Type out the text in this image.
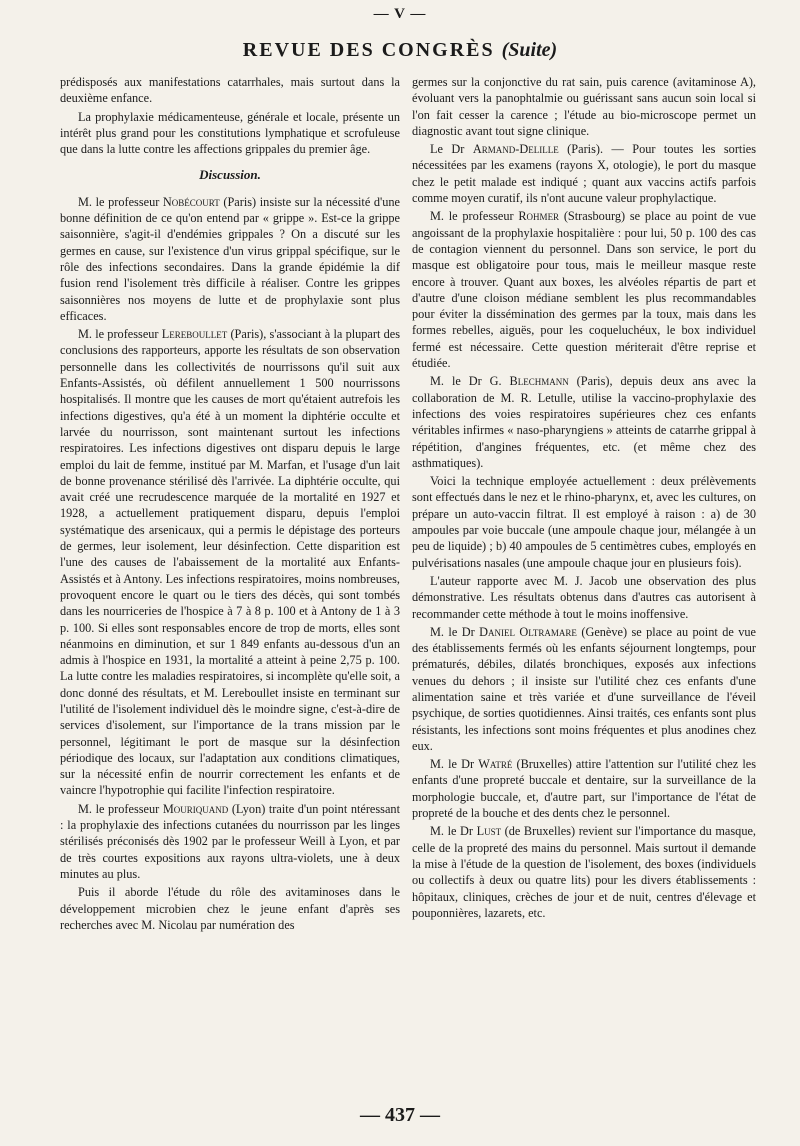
— V —
REVUE DES CONGRÈS (Suite)

prédisposés aux manifestations catarrhales, mais surtout dans la deuxième enfance.

La prophylaxie médicamenteuse, générale et locale, présente un intérêt plus grand pour les constitutions lymphatique et scrofuleuse que dans la lutte contre les affections grippales du premier âge.

Discussion.

M. le professeur Nobécourt (Paris) insiste sur la nécessité d'une bonne définition de ce qu'on entend par « grippe ». Est-ce la grippe saisonnière, s'agit-il d'endémies grippales ? On a discuté sur les germes en cause, sur l'existence d'un virus grippal spécifique, sur le rôle des infections secondaires. Dans la grande épidémie la dif fusion rend l'isolement très difficile à réaliser. Contre les grippes saisonnières nos moyens de lutte et de prophylaxie sont plus efficaces.

M. le professeur Lereboullet (Paris), s'associant à la plupart des conclusions des rapporteurs, apporte les résultats de son observation personnelle dans les collectivités de nourrissons qu'il suit aux Enfants-Assistés, où défilent annuellement 1 500 nourrissons hospitalisés. Il montre que les causes de mort qu'étaient autrefois les infections digestives, qu'a été à un moment la diphtérie occulte et larvée du nourrisson, sont maintenant surtout les infections respiratoires. Les infections digestives ont disparu depuis le large emploi du lait de femme, institué par M. Marfan, et l'usage d'un lait de bonne provenance stérilisé dès l'arrivée. La diphtérie occulte, qui avait créé une recrudescence marquée de la mortalité en 1927 et 1928, a actuellement pratiquement disparu, depuis l'emploi systématique des arsenicaux, qui a permis le dépistage des porteurs de germes, leur isolement, leur désinfection. Cette disparition est l'une des causes de l'abaissement de la mortalité aux Enfants-Assistés et à Antony. Les infections respiratoires, moins nombreuses, provoquent encore le quart ou le tiers des décès, qui sont tombés dans les nourriceries de l'hospice à 7 à 8 p. 100 et à Antony de 1 à 3 p. 100. Si elles sont responsables encore de trop de morts, elles sont néanmoins en diminution, et sur 1 849 enfants au-dessous d'un an admis à l'hospice en 1931, la mortalité a atteint à peine 2,75 p. 100. La lutte contre les maladies respiratoires, si incomplète qu'elle soit, a donc donné des résultats, et M. Lereboullet insiste en terminant sur l'utilité de l'isolement individuel dès le moindre signe, c'est-à-dire de services d'isolement, sur l'importance de la trans mission par le personnel, légitimant le port de masque sur la désinfection périodique des locaux, sur l'adaptation aux conditions climatiques, sur la nécessité enfin de nourrir correctement les enfants et de vaincre l'hypotrophie qui facilite l'infection respiratoire.

M. le professeur Mouriquand (Lyon) traite d'un point ntéressant : la prophylaxie des infections cutanées du nourrisson par les linges stérilisés préconisés dès 1902 par le professeur Weill à Lyon, et par de très courtes expositions aux rayons ultra-violets, une à deux minutes au plus.

Puis il aborde l'étude du rôle des avitaminoses dans le développement microbien chez le jeune enfant d'après ses recherches avec M. Nicolau par numération des

germes sur la conjonctive du rat sain, puis carence (avitaminose A), évoluant vers la panophtalmie ou guérissant sans aucun soin local si l'on fait cesser la carence ; l'étude au bio-microscope permet un diagnostic avant tout signe clinique.

Le Dr Armand-Delille (Paris). — Pour toutes les sorties nécessitées par les examens (rayons X, otologie), le port du masque chez le petit malade est indiqué ; quant aux vaccins actifs parfois comme moyen curatif, ils n'ont aucune valeur prophylactique.

M. le professeur Rohmer (Strasbourg) se place au point de vue angoissant de la prophylaxie hospitalière : pour lui, 50 p. 100 des cas de contagion viennent du personnel. Dans son service, le port du masque est obligatoire pour tous, mais le meilleur masque reste encore à trouver. Quant aux boxes, les alvéoles répartis de part et d'autre d'une cloison médiane semblent les plus recommandables pour éviter la dissémination des germes par la toux, mais dans les formes rebelles, aiguës, pour les coqueluchéux, le box individuel fermé est nécessaire. Cette question mériterait d'être reprise et étudiée.

M. le Dr G. Blechmann (Paris), depuis deux ans avec la collaboration de M. R. Letulle, utilise la vaccino-prophylaxie des infections des voies respiratoires supérieures chez ces enfants véritables infirmes « naso-pharyngiens » atteints de catarrhe grippal à répétition, d'angines fréquentes, etc. (et même chez des asthmatiques).

Voici la technique employée actuellement : deux prélèvements sont effectués dans le nez et le rhino-pharynx, et, avec les cultures, on prépare un auto-vaccin filtrat. Il est employé à raison : a) de 30 ampoules par voie buccale (une ampoule chaque jour, mélangée à un peu de liquide) ; b) 40 ampoules de 5 centimètres cubes, employés en pulvérisations nasales (une ampoule chaque jour en plusieurs fois).

L'auteur rapporte avec M. J. Jacob une observation des plus démonstrative. Les résultats obtenus dans d'autres cas autorisent à recommander cette méthode à tout le moins inoffensive.

M. le Dr Daniel Oltramare (Genève) se place au point de vue des établissements fermés où les enfants séjournent longtemps, pour prématurés, débiles, dilatés bronchiques, exposés aux infections venues du dehors ; il insiste sur l'utilité chez ces enfants d'une alimentation saine et très variée et d'une surveillance de l'éveil psychique, de sorties quotidiennes. Ainsi traités, ces enfants sont plus résistants, les infections sont moins fréquentes et plus anodines chez eux.

M. le Dr Watré (Bruxelles) attire l'attention sur l'utilité chez les enfants d'une propreté buccale et dentaire, sur la surveillance de la morphologie buccale, et, d'autre part, sur l'importance de l'état de propreté de la bouche et des dents chez le personnel.

M. le Dr Lust (de Bruxelles) revient sur l'importance du masque, celle de la propreté des mains du personnel. Mais surtout il demande la mise à l'étude de la question de l'isolement, des boxes (individuels ou collectifs à deux ou quatre lits) pour les divers établissements : hôpitaux, cliniques, crèches de jour et de nuit, centres d'élevage et pouponnières, lazarets, etc.

— 437 —
